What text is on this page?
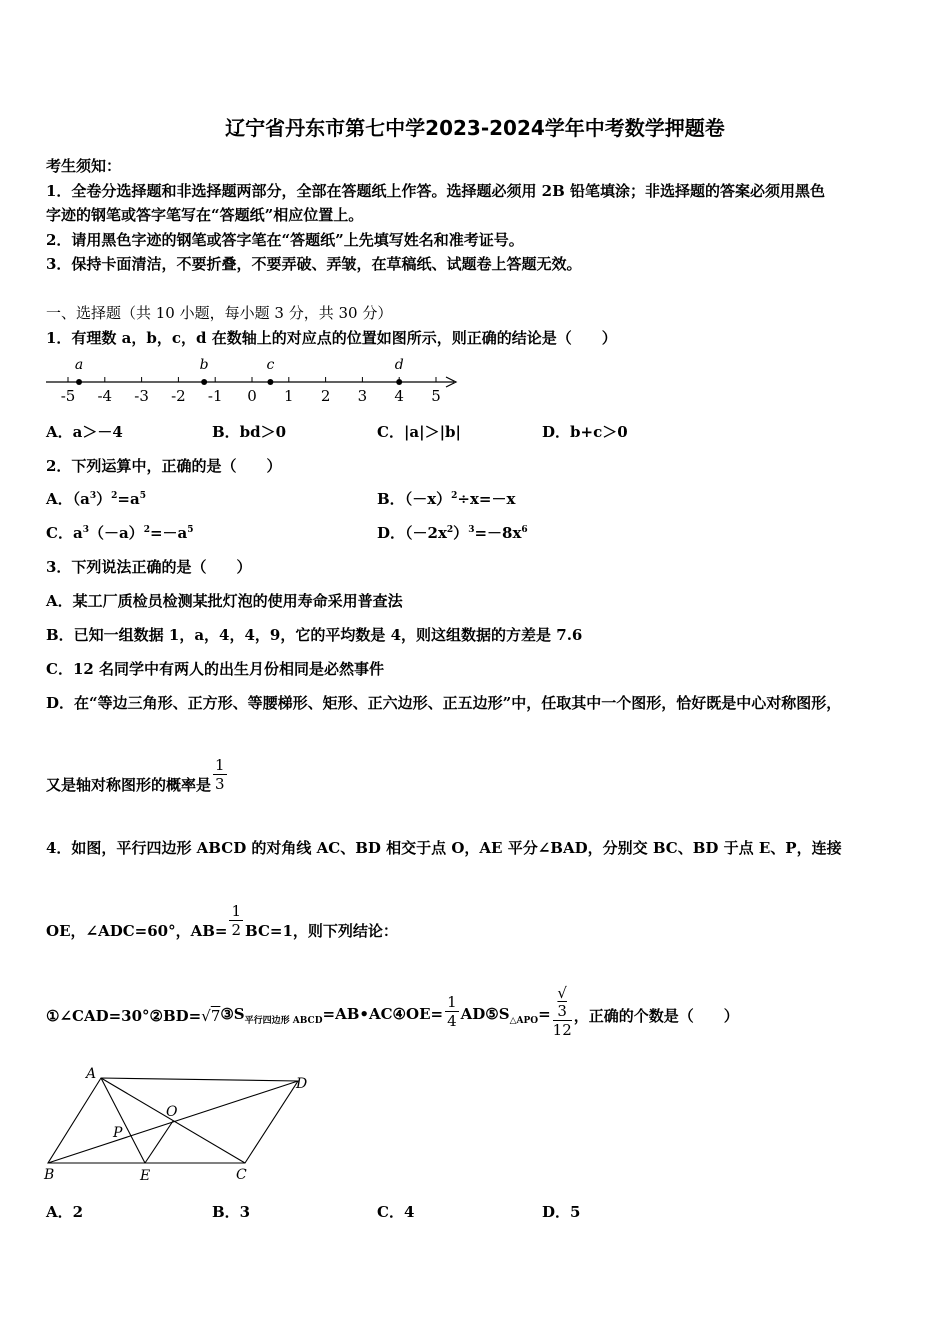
辽宁省丹东市第七中学2023-2024学年中考数学押题卷
考生须知：
1．全卷分选择题和非选择题两部分，全部在答题纸上作答。选择题必须用 2B 铅笔填涂；非选择题的答案必须用黑色
字迹的钢笔或答字笔写在“答题纸”相应位置上。
2．请用黑色字迹的钢笔或答字笔在“答题纸”上先填写姓名和准考证号。
3．保持卡面清洁，不要折叠，不要弄破、弄皱，在草稿纸、试题卷上答题无效。
一、选择题（共 10 小题，每小题 3 分，共 30 分）
1．有理数 a，b，c，d 在数轴上的对应点的位置如图所示，则正确的结论是（　　）
-5 -4 -3 -2 -1 0 1 2 3 4 5
a	b	c	d
A．a＞－4	B．bd＞0	C．|a|＞|b|	D．b+c＞0
2．下列运算中，正确的是（　　）
A．$(a^3)^2=a^5$	B．$(-x)^2\div x=-x$
C．$a^3(-a)^2=-a^5$	D．$(-2x^2)^3=-8x^6$
3．下列说法正确的是（　　）
A．某工厂质检员检测某批灯泡的使用寿命采用普查法
B．已知一组数据 1，a，4，4，9，它的平均数是 4，则这组数据的方差是 7.6
C．12 名同学中有两人的出生月份相同是必然事件
D．在“等边三角形、正方形、等腰梯形、矩形、正六边形、正五边形”中，任取其中一个图形，恰好既是中心对称图形，
又是轴对称图形的概率是 $\frac{1}{3}$
4．如图，平行四边形 ABCD 的对角线 AC、BD 相交于点 O，AE 平分∠BAD，分别交 BC、BD 于点 E、P，连接
OE，∠ADC=60°，$AB= \frac{1}{2} BC=1$，则下列结论：
$①\angle CAD=30^\circ ②BD=√7③S_{平行四边形 ABCD}=AB•AC④OE= \frac{1}{4}$ $AD⑤S_{\triangle APO}=$ √
3
12 ，正确的个数是（　　）
A
D
O
P
B	E	C
A．2	B．3	C．4	D．5
